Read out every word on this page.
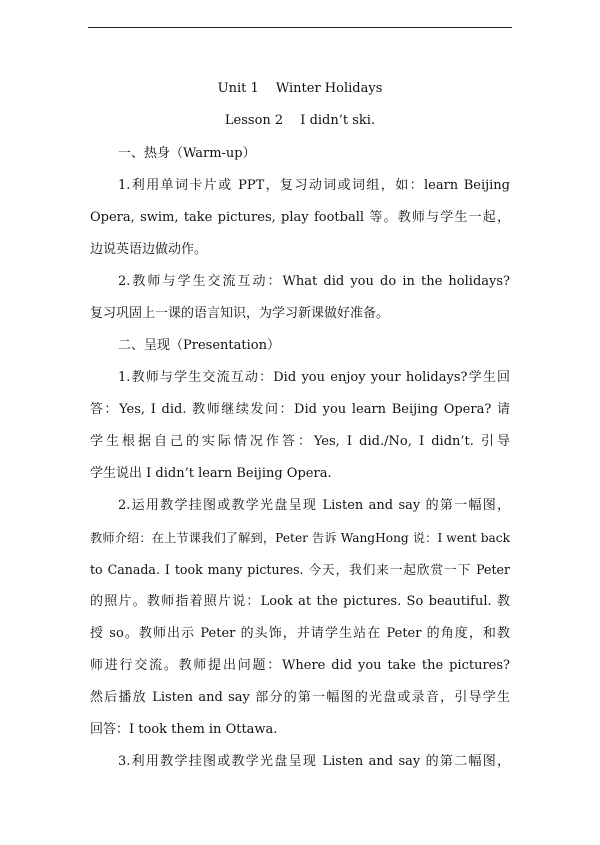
Unit 1　 Winter Holidays
Lesson 2　 I didn’t ski.
一、热身（Warm-up）
1.利用单词卡片或 PPT，复习动词或词组，如：learn Beijing
Opera, swim, take pictures, play football 等。教师与学生一起，
边说英语边做动作。
2.教师与学生交流互动：What did you do in the holidays?
复习巩固上一课的语言知识，为学习新课做好准备。
二、呈现（Presentation）
1.教师与学生交流互动：Did you enjoy your holidays?学生回
答：Yes, I did. 教师继续发问：Did you learn Beijing Opera? 请
学生根据自己的实际情况作答：Yes, I did./No, I didn’t. 引导
学生说出 I didn’t learn Beijing Opera.
2.运用教学挂图或教学光盘呈现 Listen and say 的第一幅图，
教师介绍：在上节课我们了解到，Peter 告诉 WangHong 说：I went back
to Canada. I took many pictures. 今天，我们来一起欣赏一下 Peter
的照片。教师指着照片说：Look at the pictures. So beautiful. 教
授 so。教师出示 Peter 的头饰，并请学生站在 Peter 的角度，和教
师进行交流。教师提出问题：Where did you take the pictures?
然后播放 Listen and say 部分的第一幅图的光盘或录音，引导学生
回答：I took them in Ottawa.
3.利用教学挂图或教学光盘呈现 Listen and say 的第二幅图，
